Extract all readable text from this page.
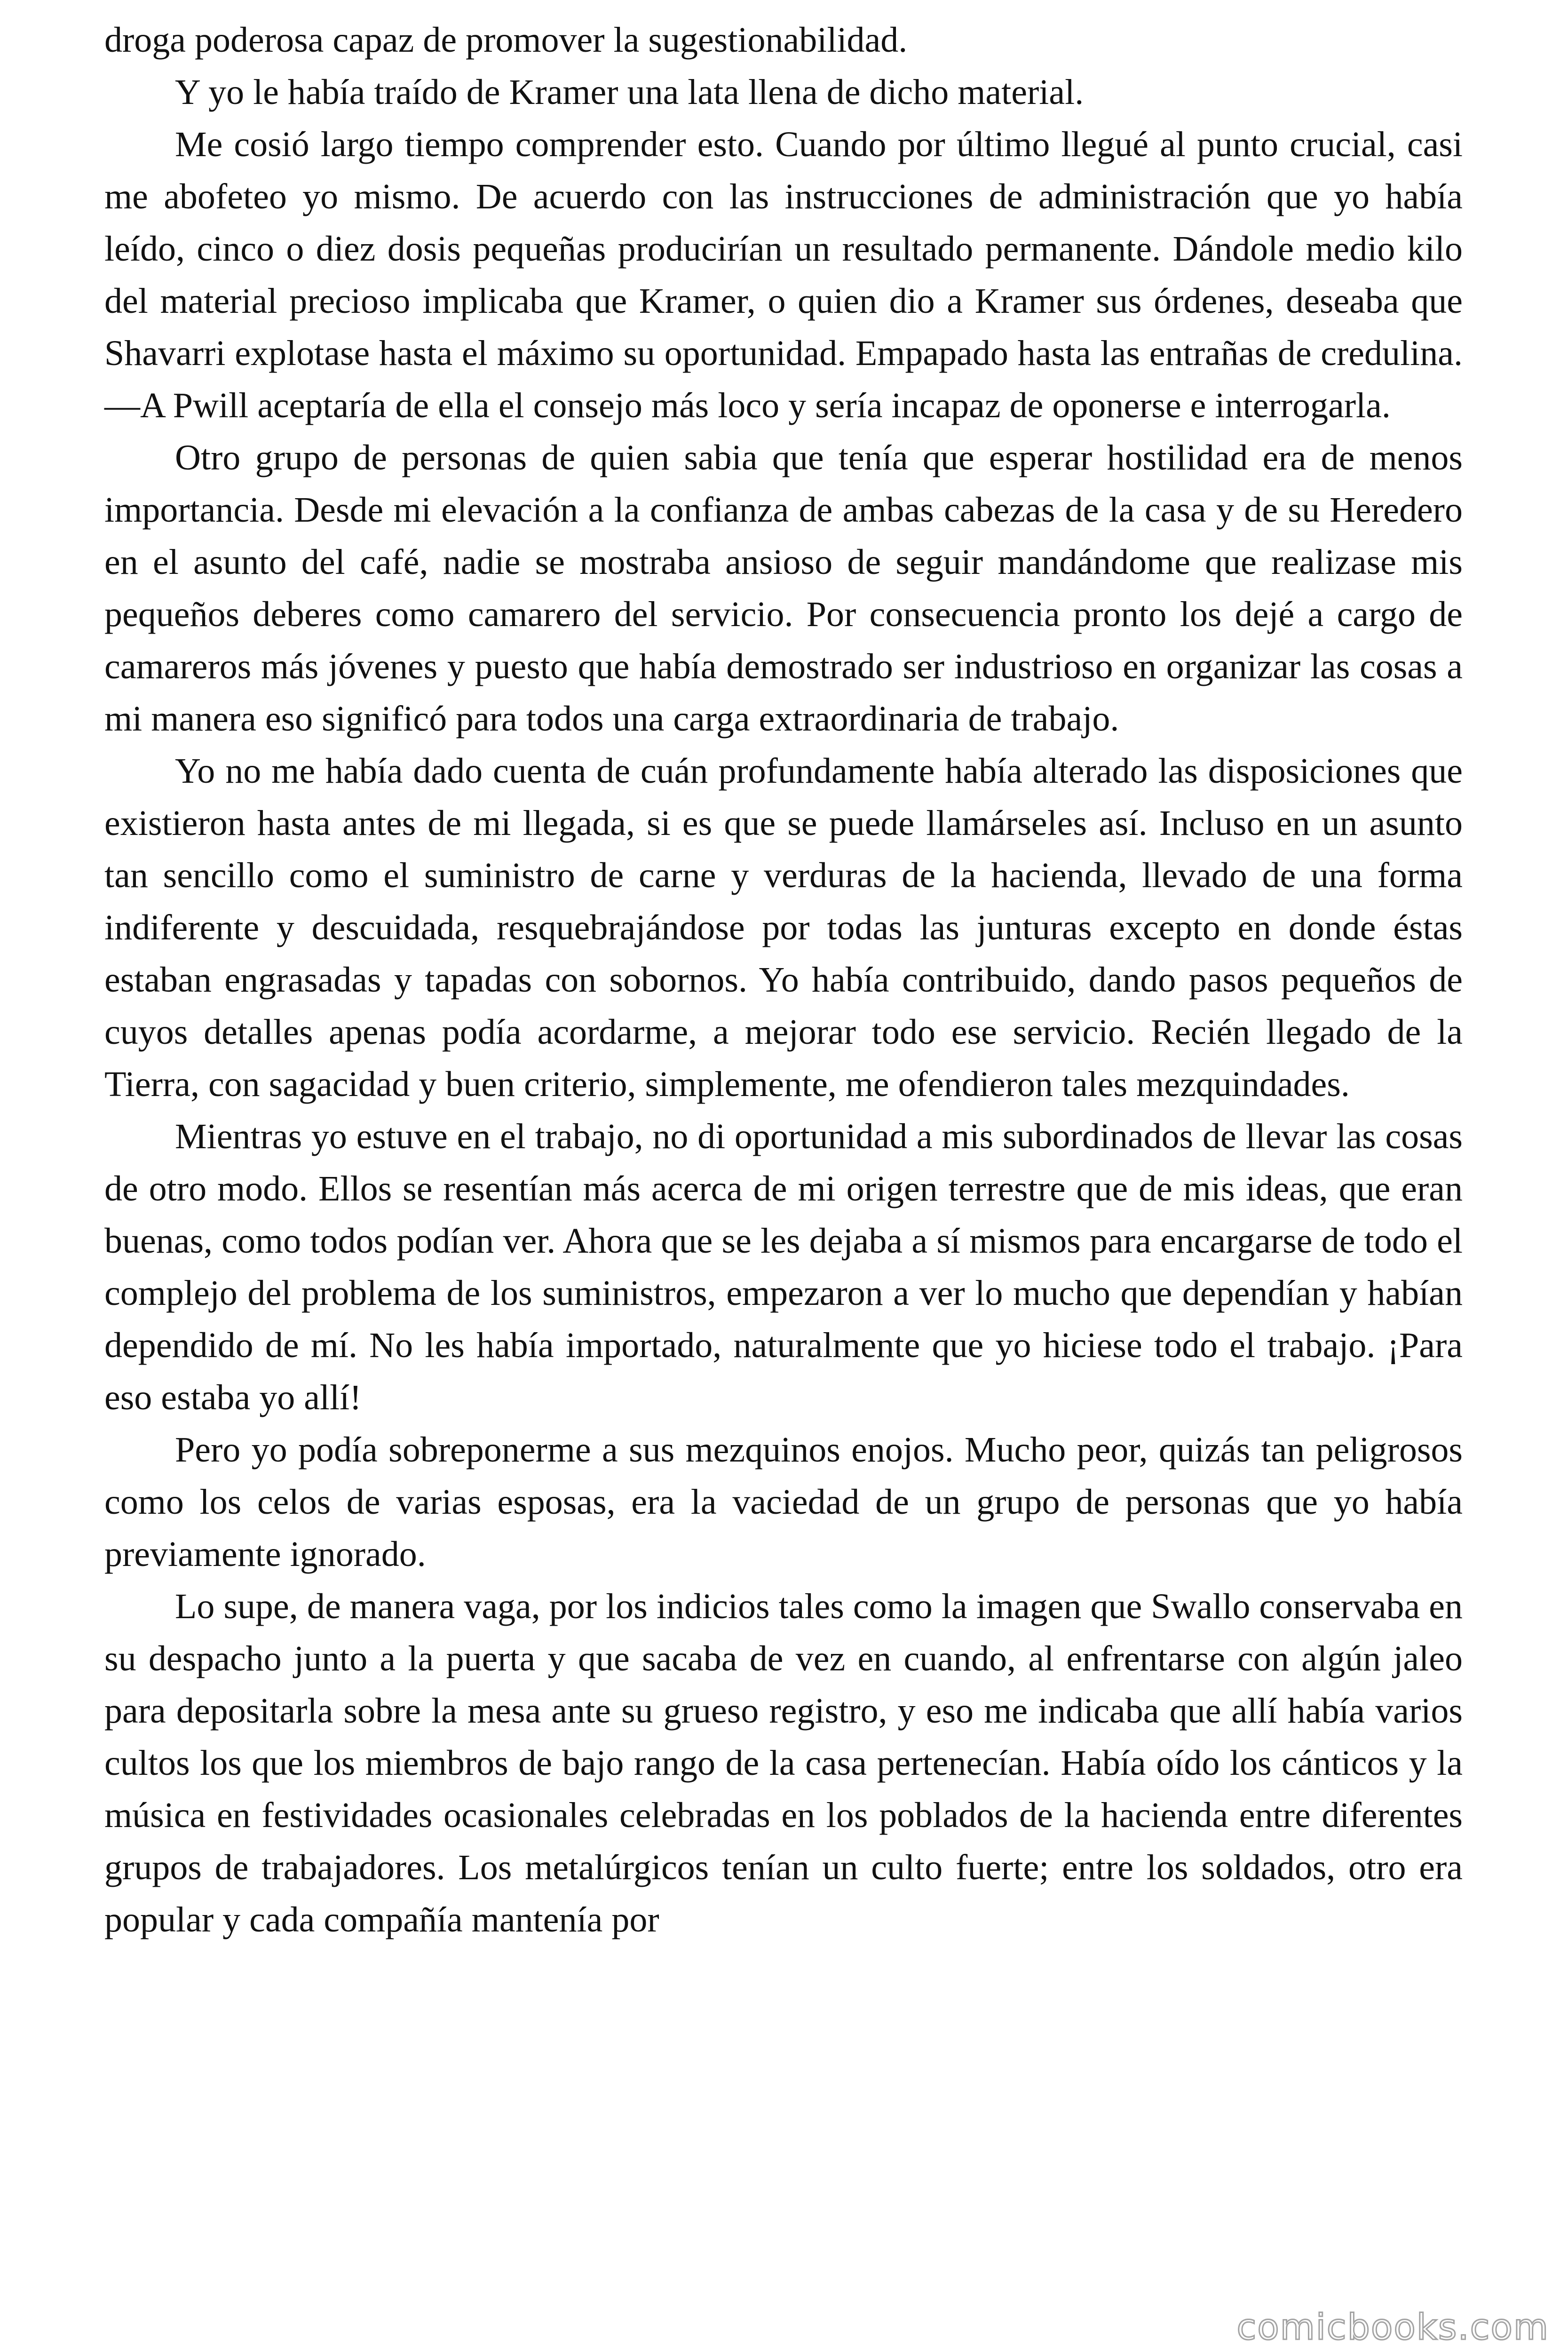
droga poderosa capaz de promover la sugestionabilidad.

Y yo le había traído de Kramer una lata llena de dicho material.

Me cosió largo tiempo comprender esto. Cuando por último llegué al punto crucial, casi me abofeteo yo mismo. De acuerdo con las instrucciones de administración que yo había leído, cinco o diez dosis pequeñas producirían un resultado permanente. Dándole medio kilo del material precioso implicaba que Kramer, o quien dio a Kramer sus órdenes, deseaba que Shavarri explotase hasta el máximo su oportunidad. Empapado hasta las entrañas de credulina. —A Pwill aceptaría de ella el consejo más loco y sería incapaz de oponerse e interrogarla.

Otro grupo de personas de quien sabia que tenía que esperar hostilidad era de menos importancia. Desde mi elevación a la confianza de ambas cabezas de la casa y de su Heredero en el asunto del café, nadie se mostraba ansioso de seguir mandándome que realizase mis pequeños deberes como camarero del servicio. Por consecuencia pronto los dejé a cargo de camareros más jóvenes y puesto que había demostrado ser industrioso en organizar las cosas a mi manera eso significó para todos una carga extraordinaria de trabajo.

Yo no me había dado cuenta de cuán profundamente había alterado las disposiciones que existieron hasta antes de mi llegada, si es que se puede llamárseles así. Incluso en un asunto tan sencillo como el suministro de carne y verduras de la hacienda, llevado de una forma indiferente y descuidada, resquebrajándose por todas las junturas excepto en donde éstas estaban engrasadas y tapadas con sobornos. Yo había contribuido, dando pasos pequeños de cuyos detalles apenas podía acordarme, a mejorar todo ese servicio. Recién llegado de la Tierra, con sagacidad y buen criterio, simplemente, me ofendieron tales mezquindades.

Mientras yo estuve en el trabajo, no di oportunidad a mis subordinados de llevar las cosas de otro modo. Ellos se resentían más acerca de mi origen terrestre que de mis ideas, que eran buenas, como todos podían ver. Ahora que se les dejaba a sí mismos para encargarse de todo el complejo del problema de los suministros, empezaron a ver lo mucho que dependían y habían dependido de mí. No les había importado, naturalmente que yo hiciese todo el trabajo. ¡Para eso estaba yo allí!

Pero yo podía sobreponerme a sus mezquinos enojos. Mucho peor, quizás tan peligrosos como los celos de varias esposas, era la vaciedad de un grupo de personas que yo había previamente ignorado.

Lo supe, de manera vaga, por los indicios tales como la imagen que Swallo conservaba en su despacho junto a la puerta y que sacaba de vez en cuando, al enfrentarse con algún jaleo para depositarla sobre la mesa ante su grueso registro, y eso me indicaba que allí había varios cultos los que los miembros de bajo rango de la casa pertenecían. Había oído los cánticos y la música en festividades ocasionales celebradas en los poblados de la hacienda entre diferentes grupos de trabajadores. Los metalúrgicos tenían un culto fuerte; entre los soldados, otro era popular y cada compañía mantenía por

comicbooks.com
